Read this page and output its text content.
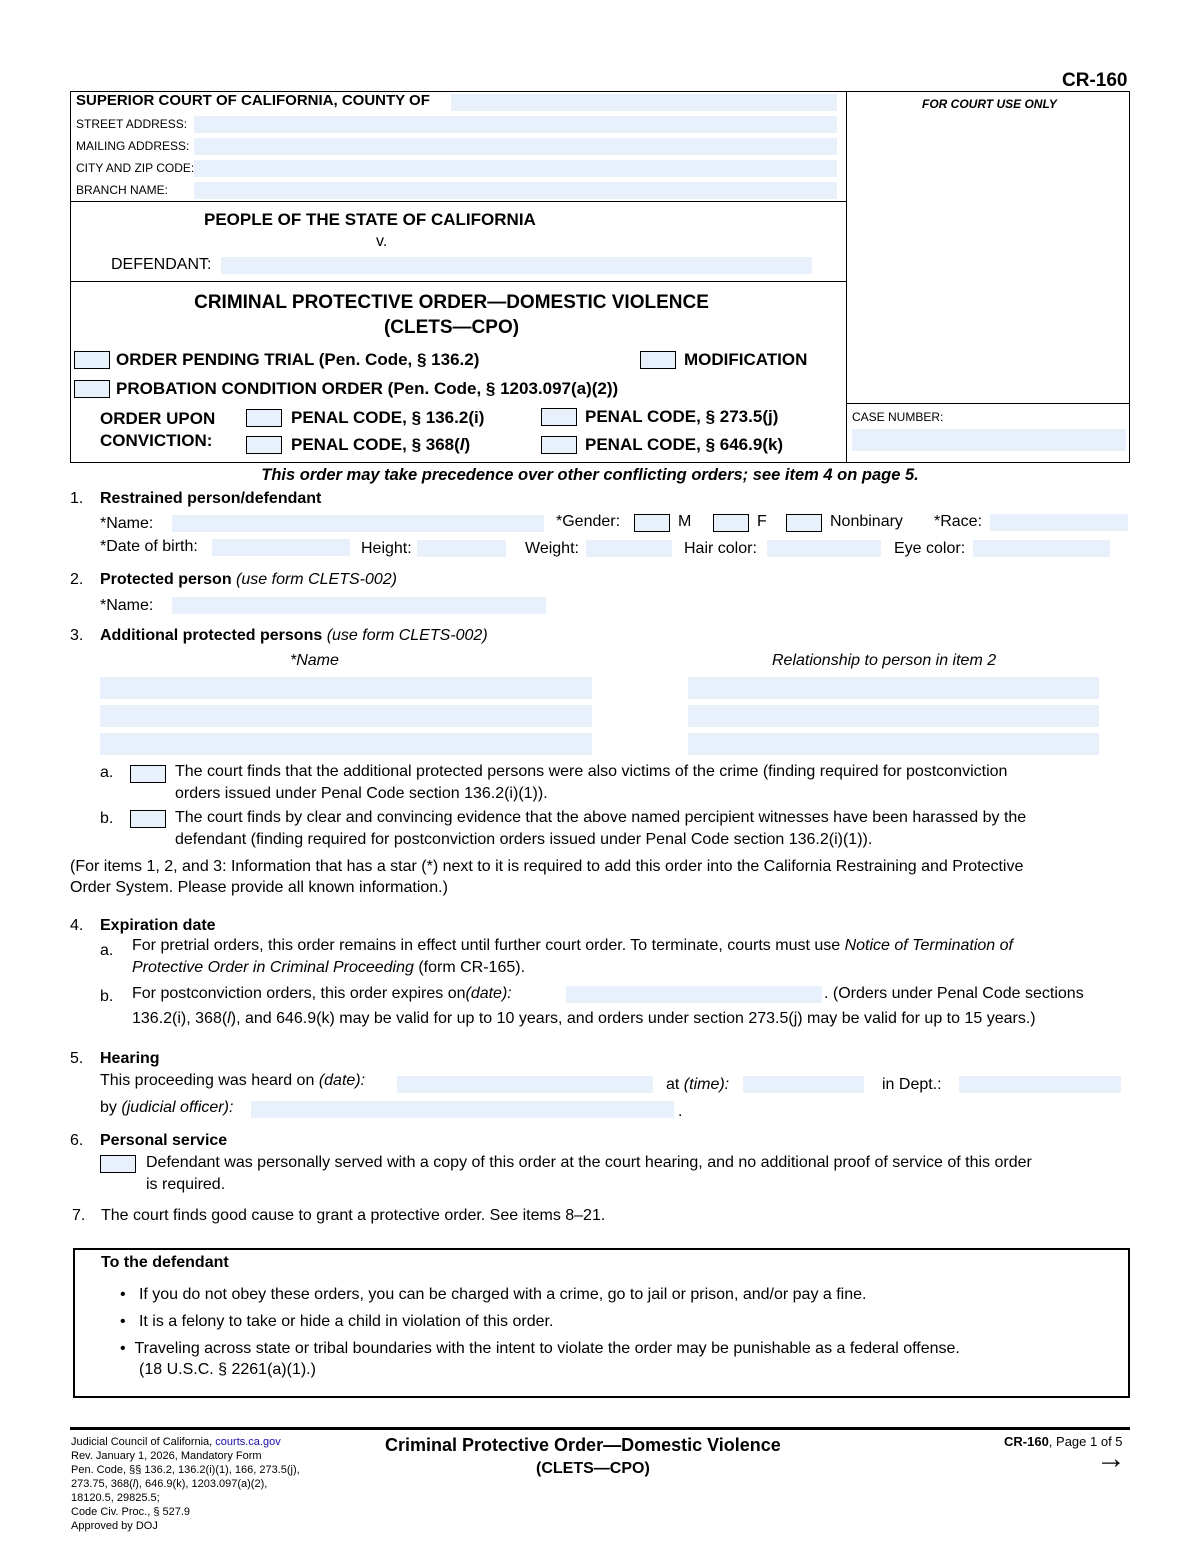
CR-160
SUPERIOR COURT OF CALIFORNIA, COUNTY OF
STREET ADDRESS:
MAILING ADDRESS:
CITY AND ZIP CODE:
BRANCH NAME:
FOR COURT USE ONLY
PEOPLE OF THE STATE OF CALIFORNIA
v.
DEFENDANT:
CRIMINAL PROTECTIVE ORDER—DOMESTIC VIOLENCE
(CLETS—CPO)
ORDER PENDING TRIAL (Pen. Code, § 136.2)	MODIFICATION
PROBATION CONDITION ORDER (Pen. Code, § 1203.097(a)(2))
ORDER UPON
CONVICTION:
PENAL CODE, § 136.2(i)
PENAL CODE, § 368(l)
PENAL CODE, § 273.5(j)
PENAL CODE, § 646.9(k)
CASE NUMBER:
This order may take precedence over other conflicting orders; see item 4 on page 5.
1. Restrained person/defendant
*Name:	*Gender:	M	F	Nonbinary *Race:
*Date of birth:	Height:	Weight:	Hair color:	Eye color:
2. Protected person (use form CLETS-002)
*Name:
3. Additional protected persons (use form CLETS-002)
*Name	Relationship to person in item 2
a.	The court finds that the additional protected persons were also victims of the crime (finding required for postconviction
orders issued under Penal Code section 136.2(i)(1)).
b.	The court finds by clear and convincing evidence that the above named percipient witnesses have been harassed by the
defendant (finding required for postconviction orders issued under Penal Code section 136.2(i)(1)).
(For items 1, 2, and 3: Information that has a star (*) next to it is required to add this order into the California Restraining and Protective
Order System. Please provide all known information.)
4. Expiration date
a. For pretrial orders, this order remains in effect until further court order. To terminate, courts must use Notice of Termination of
Protective Order in Criminal Proceeding (form CR-165).
b. For postconviction orders, this order expires on(date):	. (Orders under Penal Code sections
136.2(i), 368(l), and 646.9(k) may be valid for up to 10 years, and orders under section 273.5(j) may be valid for up to 15 years.)
5. Hearing
This proceeding was heard on (date):	at (time):	in Dept.:
by (judicial officer):	.
6. Personal service
Defendant was personally served with a copy of this order at the court hearing, and no additional proof of service of this order
is required.
7. The court finds good cause to grant a protective order. See items 8–21.
To the defendant
•   If you do not obey these orders, you can be charged with a crime, go to jail or prison, and/or pay a fine.
•   It is a felony to take or hide a child in violation of this order.
•  Traveling across state or tribal boundaries with the intent to violate the order may be punishable as a federal offense.
(18 U.S.C. § 2261(a)(1).)
Judicial Council of California, courts.ca.gov
Rev. January 1, 2026, Mandatory Form
Pen. Code, §§ 136.2, 136.2(i)(1), 166, 273.5(j),
273.75, 368(l), 646.9(k), 1203.097(a)(2),
18120.5, 29825.5;
Code Civ. Proc., § 527.9
Approved by DOJ
Criminal Protective Order—Domestic Violence
(CLETS—CPO)
CR-160, Page 1 of 5
→
